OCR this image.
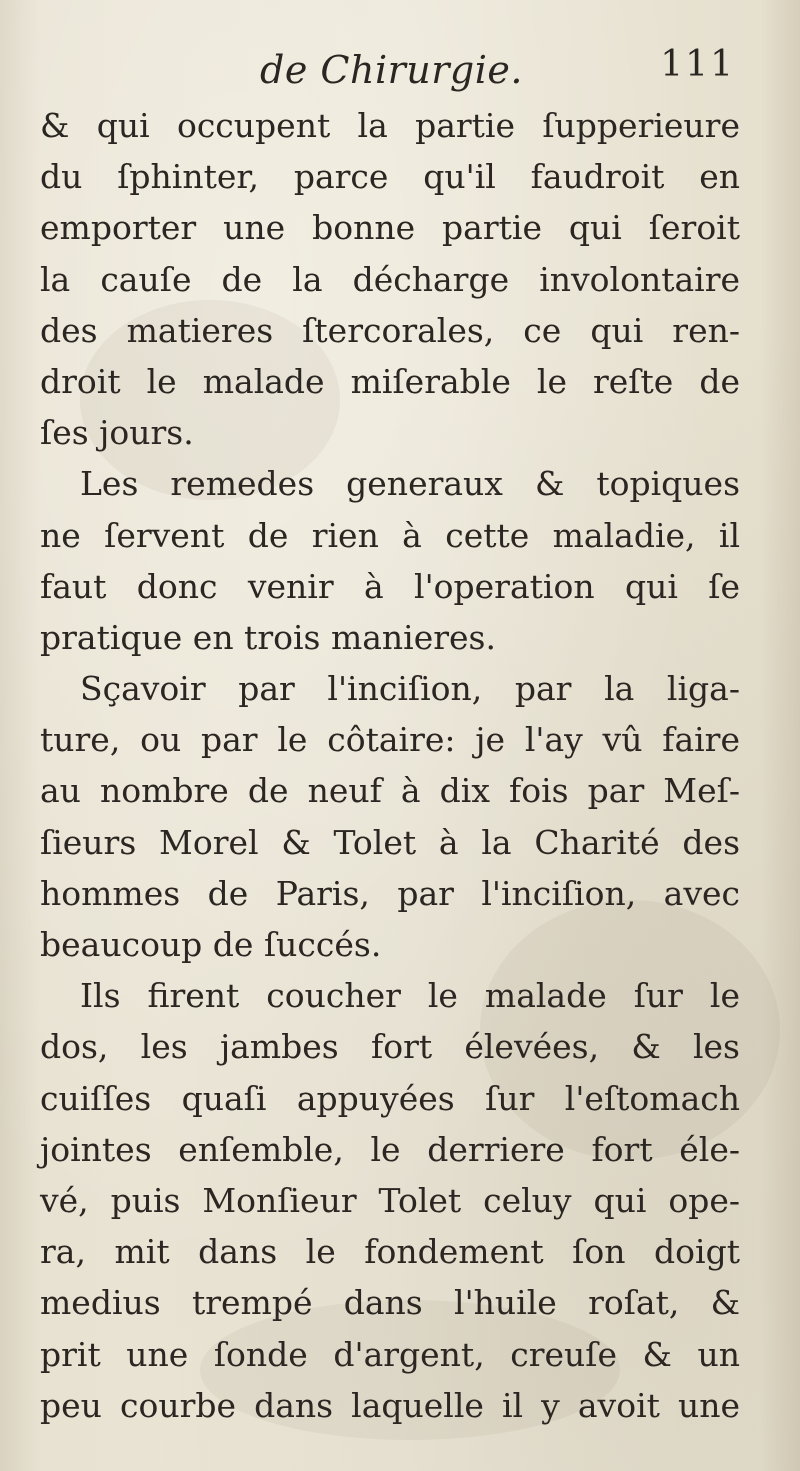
de Chirurgie.	111
& qui occupent la partie ſupperieure
du ſphinter, parce qu'il faudroit en
emporter une bonne partie qui ſeroit
la cauſe de la décharge involontaire
des matieres ſtercorales, ce qui ren-
droit le malade miſerable le reſte de
ſes jours.
Les remedes generaux & topiques
ne ſervent de rien à cette maladie, il
faut donc venir à l'operation qui ſe
pratique en trois manieres.
Sçavoir par l'inciſion, par la liga-
ture, ou par le côtaire: je l'ay vû faire
au nombre de neuf à dix fois par Meſ-
ſieurs Morel & Tolet à la Charité des
hommes de Paris, par l'inciſion, avec
beaucoup de ſuccés.
Ils firent coucher le malade ſur le
dos, les jambes fort élevées, & les
cuiſſes quaſi appuyées ſur l'eſtomach
jointes enſemble, le derriere fort éle-
vé, puis Monſieur Tolet celuy qui ope-
ra, mit dans le fondement ſon doigt
medius trempé dans l'huile roſat, &
prit une ſonde d'argent, creuſe & un
peu courbe dans laquelle il y avoit une
